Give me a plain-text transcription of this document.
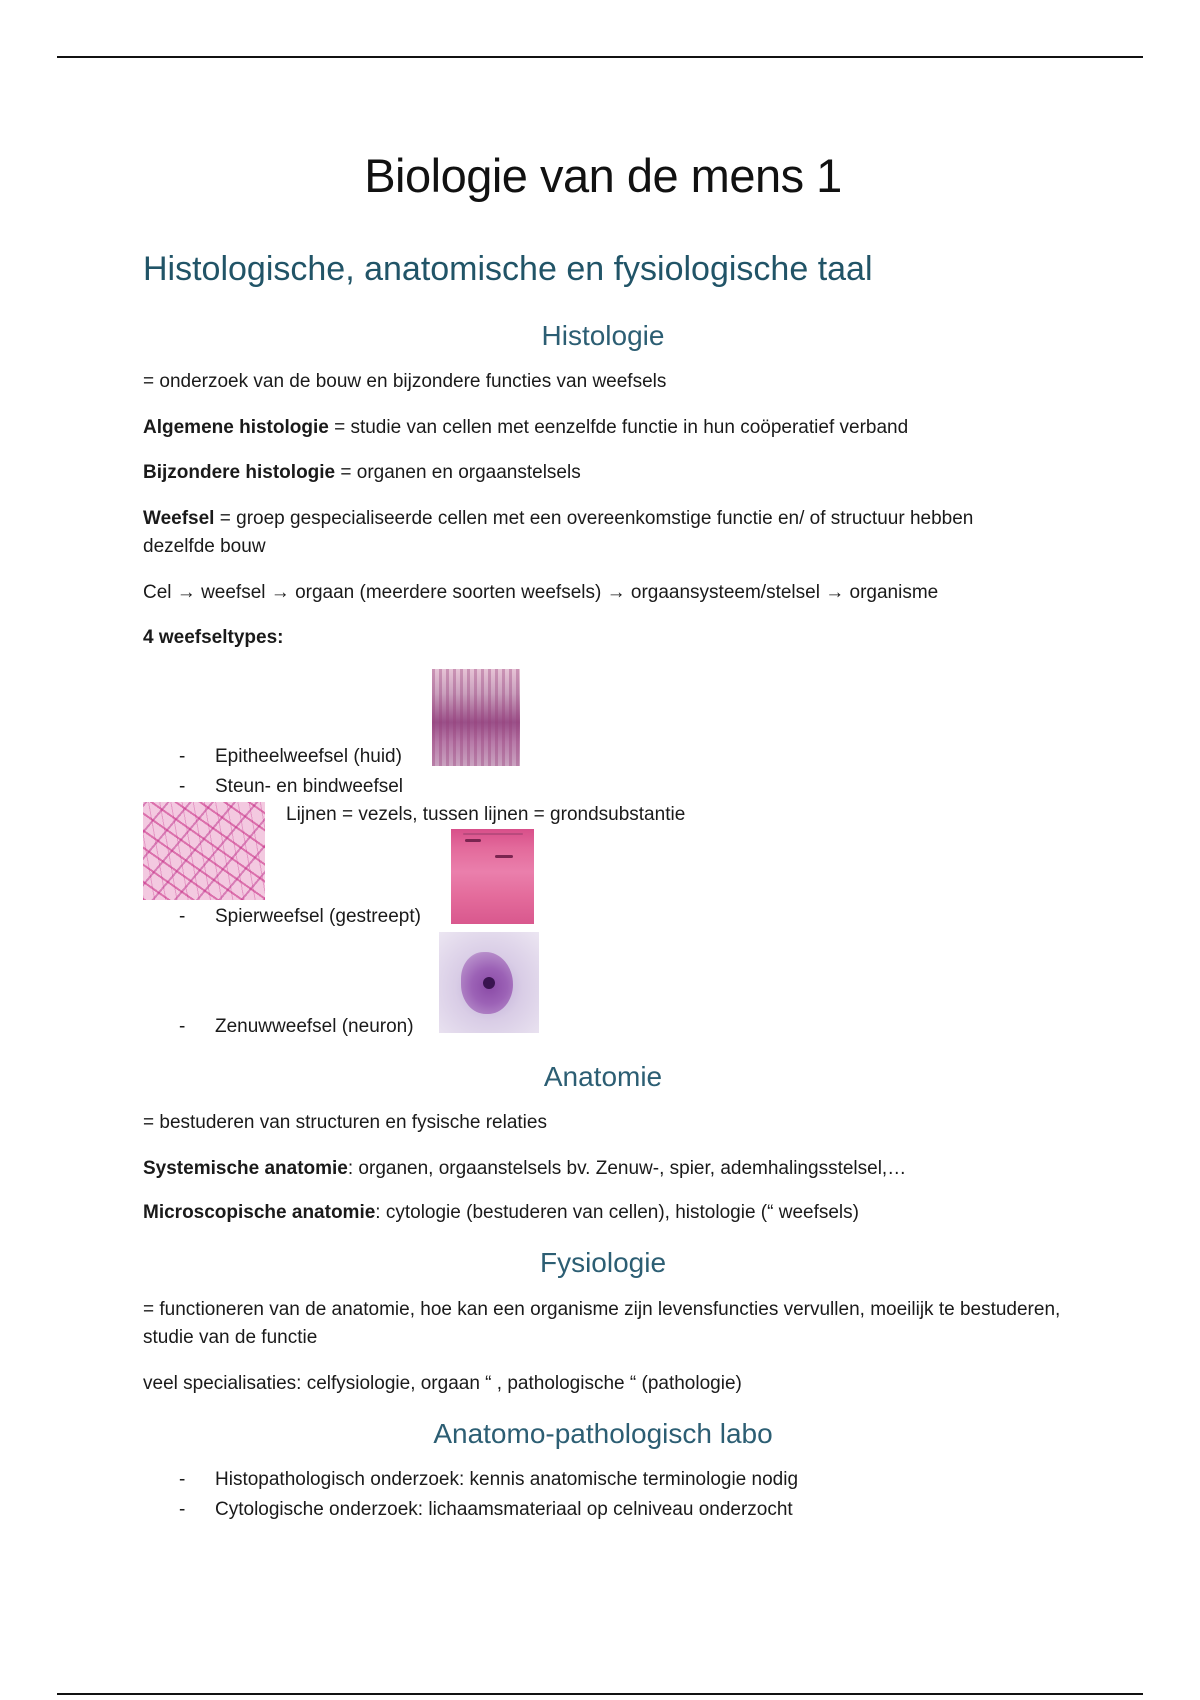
Biologie van de mens 1
Histologische, anatomische en fysiologische taal
Histologie
= onderzoek van de bouw en bijzondere functies van weefsels
Algemene histologie = studie van cellen met eenzelfde functie in hun coöperatief verband
Bijzondere histologie = organen en orgaanstelsels
Weefsel = groep gespecialiseerde cellen met een overeenkomstige functie en/ of structuur hebben dezelfde bouw
Cel → weefsel → orgaan (meerdere soorten weefsels) → orgaansysteem/stelsel → organisme
4 weefseltypes:
- Epitheelweefsel (huid)
- Steun- en bindweefsel
Lijnen = vezels, tussen lijnen = grondsubstantie
- Spierweefsel (gestreept)
- Zenuwweefsel (neuron)
Anatomie
= bestuderen van structuren en fysische relaties
Systemische anatomie: organen, orgaanstelsels bv. Zenuw-, spier, ademhalingsstelsel,…
Microscopische anatomie: cytologie (bestuderen van cellen), histologie (“ weefsels)
Fysiologie
= functioneren van de anatomie, hoe kan een organisme zijn levensfuncties vervullen, moeilijk te bestuderen, studie van de functie
veel specialisaties: celfysiologie, orgaan “ , pathologische “ (pathologie)
Anatomo-pathologisch labo
- Histopathologisch onderzoek: kennis anatomische terminologie nodig
- Cytologische onderzoek: lichaamsmateriaal op celniveau onderzocht
